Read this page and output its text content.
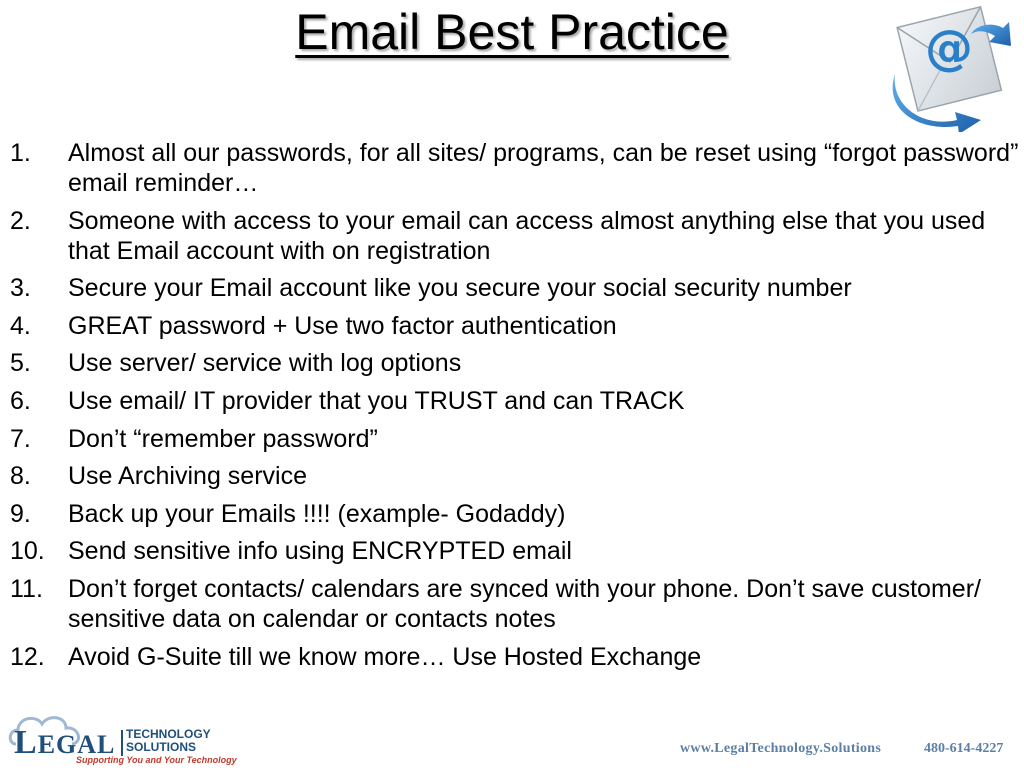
Email Best Practice	@
1. Almost all our passwords, for all sites/ programs, can be reset using “forgot password” email reminder…
2. Someone with access to your email can access almost anything else that you used that Email account with on registration
3. Secure your Email account like you secure your social security number
4. GREAT password + Use two factor authentication
5. Use server/ service with log options
6. Use email/ IT provider that you TRUST and can TRACK
7. Don’t “remember password”
8. Use Archiving service
9. Back up your Emails !!!! (example- Godaddy)
10. Send sensitive info using ENCRYPTED email
11. Don’t forget contacts/ calendars are synced with your phone. Don’t save customer/ sensitive data on calendar or contacts notes
12. Avoid G-Suite till we know more… Use Hosted Exchange
LEGAL TECHNOLOGY
SOLUTIONS
Supporting You and Your Technology
www.LegalTechnology.Solutions	480-614-4227
